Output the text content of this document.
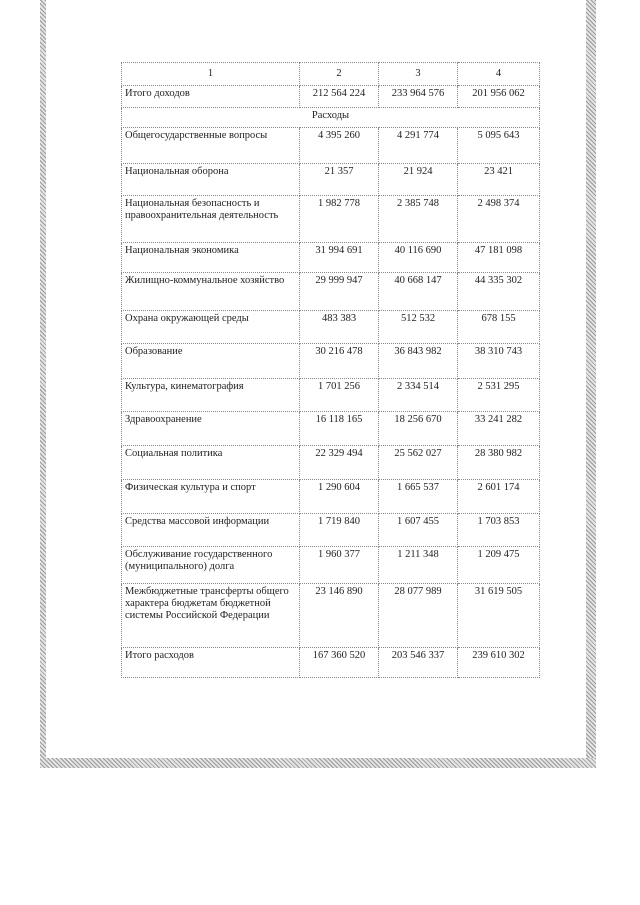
1	2	3	4
Итого доходов	212 564 224	233 964 576	201 956 062
Расходы			
Общегосударственные вопросы	4 395 260	4 291 774	5 095 643
Национальная оборона	21 357	21 924	23 421
Национальная безопасность и правоохранительная деятельность	1 982 778	2 385 748	2 498 374
Национальная экономика	31 994 691	40 116 690	47 181 098
Жилищно-коммунальное хозяйство	29 999 947	40 668 147	44 335 302
Охрана окружающей среды	483 383	512 532	678 155
Образование	30 216 478	36 843 982	38 310 743
Культура, кинематография	1 701 256	2 334 514	2 531 295
Здравоохранение	16 118 165	18 256 670	33 241 282
Социальная политика	22 329 494	25 562 027	28 380 982
Физическая культура и спорт	1 290 604	1 665 537	2 601 174
Средства массовой информации	1 719 840	1 607 455	1 703 853
Обслуживание государственного (муниципального) долга	1 960 377	1 211 348	1 209 475
Межбюджетные трансферты общего характера бюджетам бюджетной системы Российской Федерации	23 146 890	28 077 989	31 619 505
Итого расходов	167 360 520	203 546 337	239 610 302
